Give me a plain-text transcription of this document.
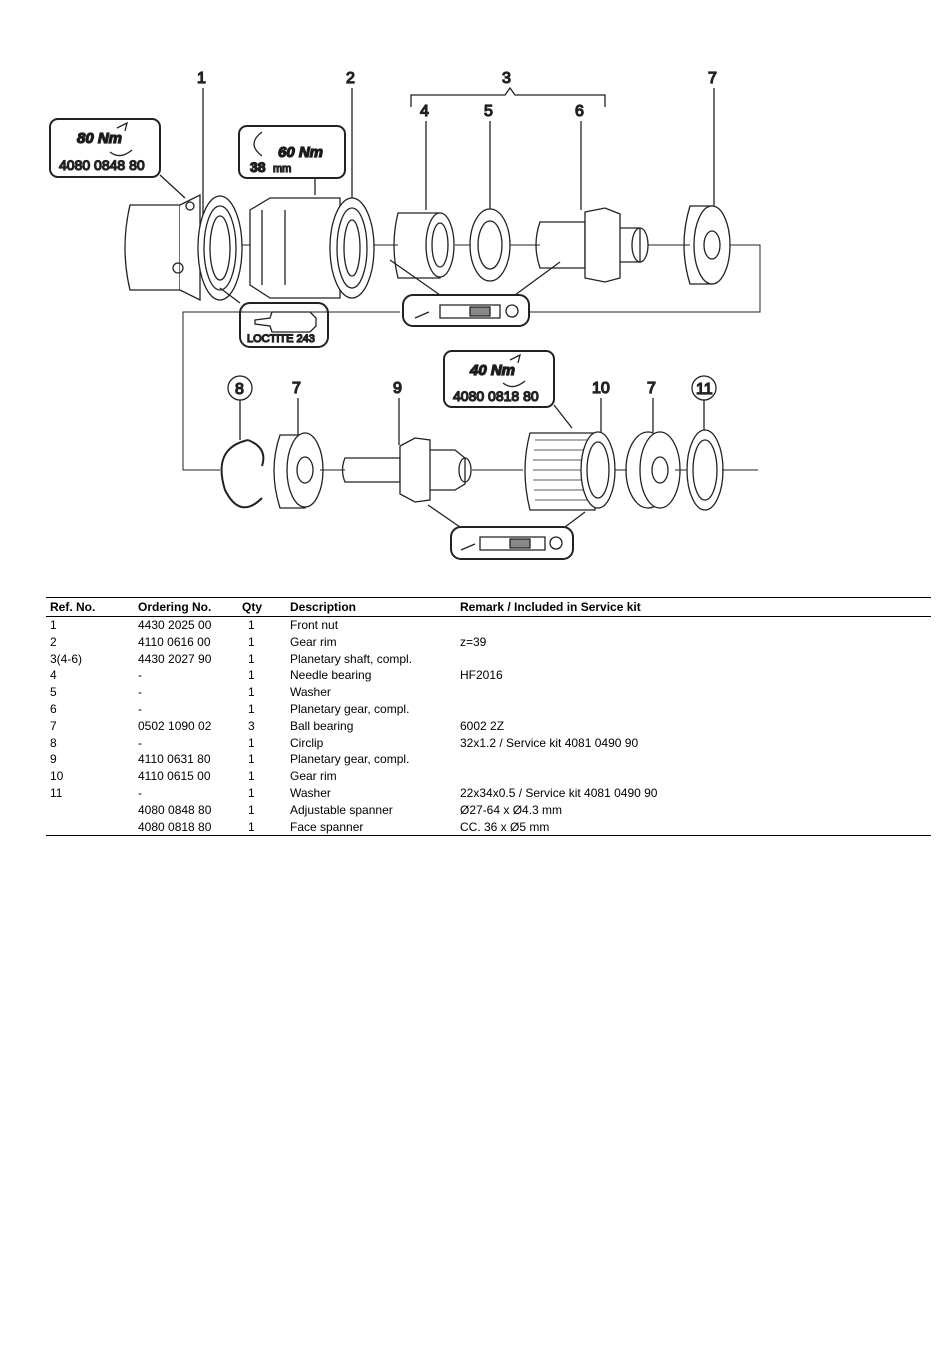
1	2	3
4	5	6
7
80 Nm
4080 0848 80
60 Nm
38 mm
LOCTITE 243
8	7	9	10 7	11
40 Nm
4080 0818 80
Ref. No.	Ordering No.	Qty	Description	Remark / Included in Service kit
1	4430 2025 00	1	Front nut	
2	4110 0616 00	1	Gear rim	z=39
3(4-6)	4430 2027 90	1	Planetary shaft, compl.	
4	-	1	Needle bearing	HF2016
5	-	1	Washer	
6	-	1	Planetary gear, compl.	
7	0502 1090 02	3	Ball bearing	6002 2Z
8	-	1	Circlip	32x1.2 / Service kit 4081 0490 90
9	4110 0631 80	1	Planetary gear, compl.	
10	4110 0615 00	1	Gear rim	
11	-	1	Washer	22x34x0.5 / Service kit 4081 0490 90
	4080 0848 80	1	Adjustable spanner	Ø27-64 x Ø4.3 mm
	4080 0818 80	1	Face spanner	CC. 36 x Ø5 mm
